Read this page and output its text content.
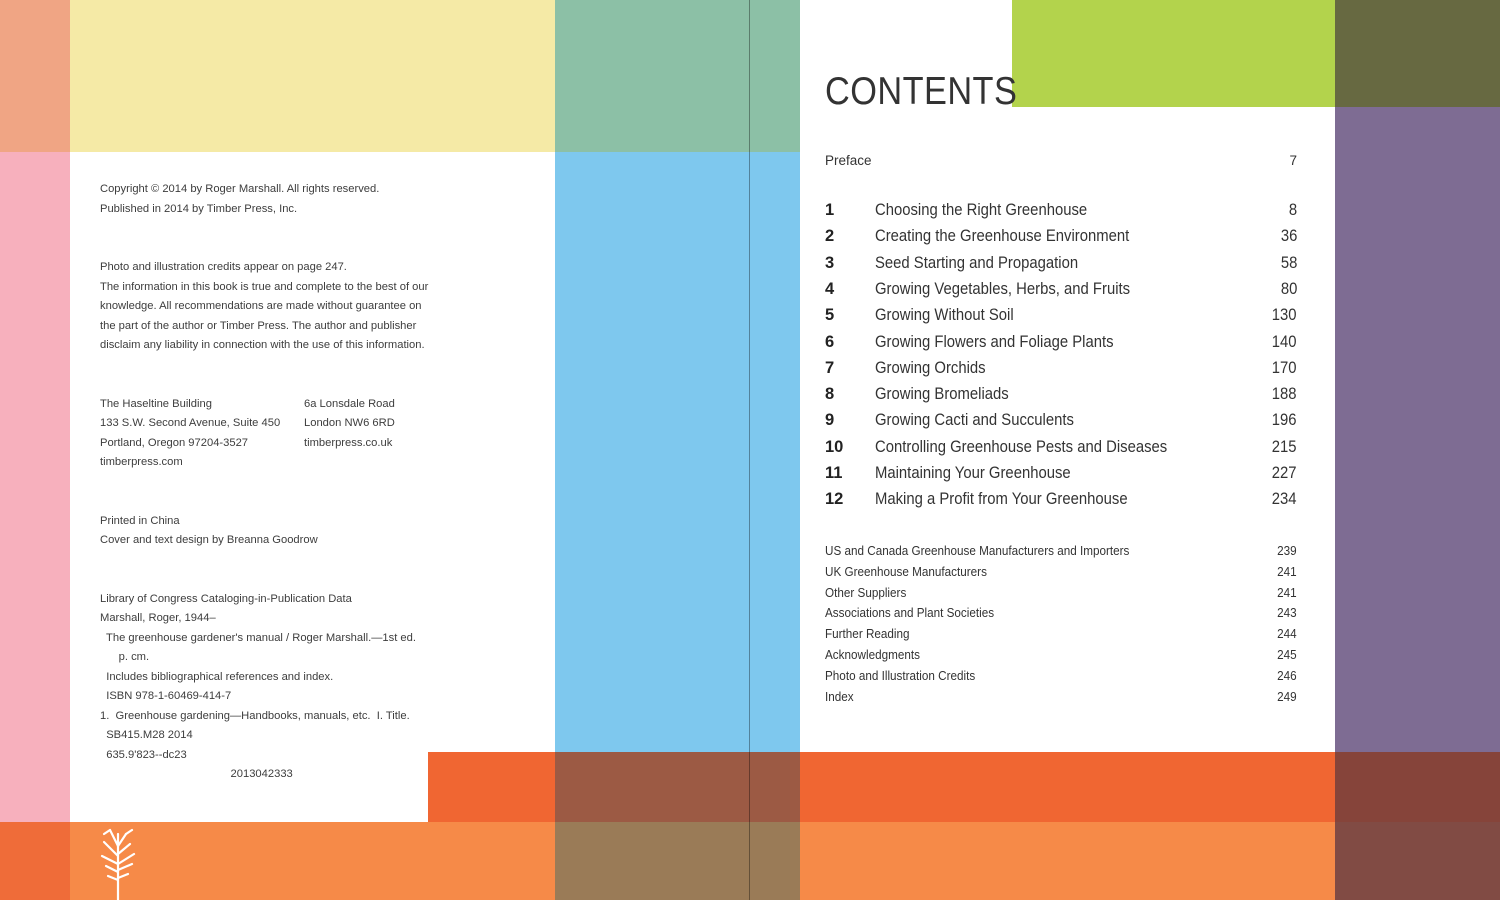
Copyright © 2014 by Roger Marshall. All rights reserved.

Published in 2014 by Timber Press, Inc.

Photo and illustration credits appear on page 247.

The information in this book is true and complete to the best of our

knowledge. All recommendations are made without guarantee on

the part of the author or Timber Press. The author and publisher

disclaim any liability in connection with the use of this information.

The Haseltine Building

133 S.W. Second Avenue, Suite 450

Portland, Oregon 97204-3527

timberpress.com

6a Lonsdale Road

London NW6 6RD

timberpress.co.uk

Printed in China

Cover and text design by Breanna Goodrow

Library of Congress Cataloging-in-Publication Data

Marshall, Roger, 1944–

The greenhouse gardener's manual / Roger Marshall.—1st ed.

p. cm.

Includes bibliographical references and index.

ISBN 978-1-60469-414-7

1.  Greenhouse gardening—Handbooks, manuals, etc.  I. Title.

SB415.M28 2014

635.9'823--dc23

2013042333

CONTENTS
Preface	7
1	Choosing the Right Greenhouse	8
2	Creating the Greenhouse Environment	36
3	Seed Starting and Propagation	58
4	Growing Vegetables, Herbs, and Fruits	80
5	Growing Without Soil	130
6	Growing Flowers and Foliage Plants	140
7	Growing Orchids	170
8	Growing Bromeliads	188
9	Growing Cacti and Succulents	196
10	Controlling Greenhouse Pests and Diseases	215
11	Maintaining Your Greenhouse	227
12	Making a Profit from Your Greenhouse	234
US and Canada Greenhouse Manufacturers and Importers	239
UK Greenhouse Manufacturers	241
Other Suppliers	241
Associations and Plant Societies	243
Further Reading	244
Acknowledgments	245
Photo and Illustration Credits	246
Index	249
